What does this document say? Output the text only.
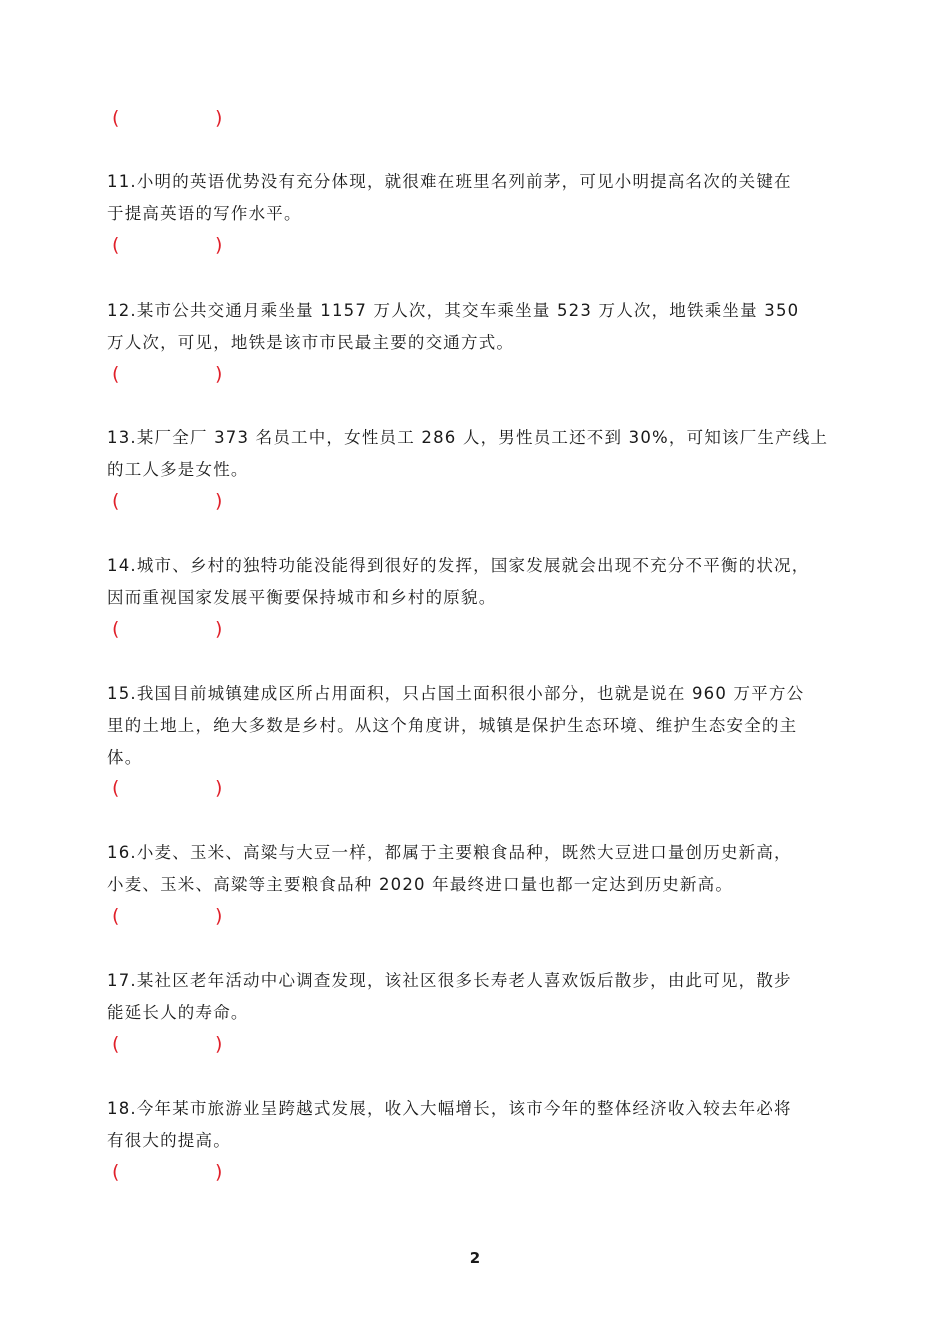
(	)
11.小明的英语优势没有充分体现，就很难在班里名列前茅，可见小明提高名次的关键在
于提高英语的写作水平。
(	)
12.某市公共交通月乘坐量 1157 万人次，其交车乘坐量 523 万人次，地铁乘坐量 350
万人次，可见，地铁是该市市民最主要的交通方式。
(	)
13.某厂全厂 373 名员工中，女性员工 286 人，男性员工还不到 30%，可知该厂生产线上
的工人多是女性。
(	)
14.城市、乡村的独特功能没能得到很好的发挥，国家发展就会出现不充分不平衡的状况，
因而重视国家发展平衡要保持城市和乡村的原貌。
(	)
15.我国目前城镇建成区所占用面积，只占国土面积很小部分，也就是说在 960 万平方公
里的土地上，绝大多数是乡村。从这个角度讲，城镇是保护生态环境、维护生态安全的主
体。
(	)
16.小麦、玉米、高粱与大豆一样，都属于主要粮食品种，既然大豆进口量创历史新高，
小麦、玉米、高粱等主要粮食品种 2020 年最终进口量也都一定达到历史新高。
(	)
17.某社区老年活动中心调查发现，该社区很多长寿老人喜欢饭后散步，由此可见，散步
能延长人的寿命。
(	)
18.今年某市旅游业呈跨越式发展，收入大幅增长，该市今年的整体经济收入较去年必将
有很大的提高。
(	)
2
